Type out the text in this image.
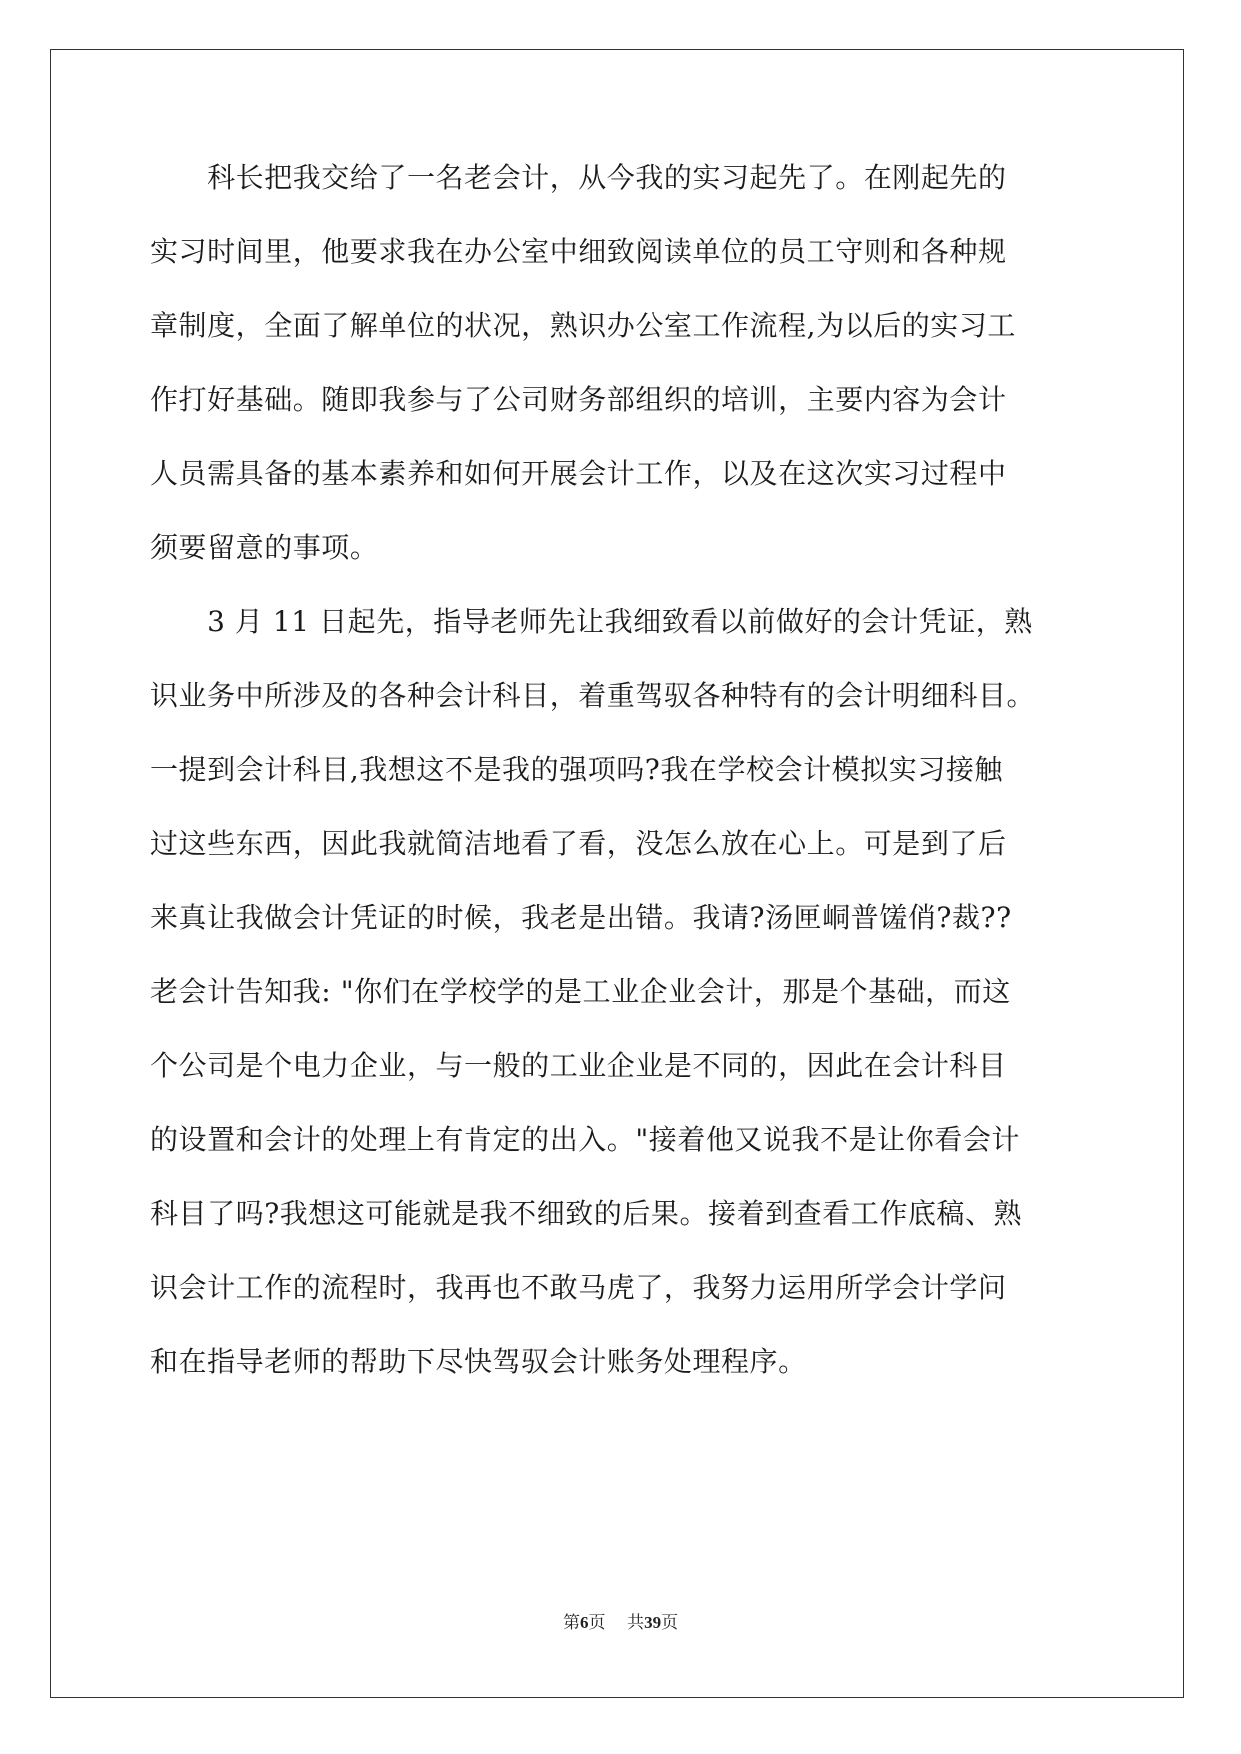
　　科长把我交给了一名老会计，从今我的实习起先了。在刚起先的
实习时间里，他要求我在办公室中细致阅读单位的员工守则和各种规
章制度，全面了解单位的状况，熟识办公室工作流程,为以后的实习工
作打好基础。随即我参与了公司财务部组织的培训，主要内容为会计
人员需具备的基本素养和如何开展会计工作，以及在这次实习过程中
须要留意的事项。
　　3 月 11 日起先，指导老师先让我细致看以前做好的会计凭证，熟
识业务中所涉及的各种会计科目，着重驾驭各种特有的会计明细科目。
一提到会计科目,我想这不是我的强项吗?我在学校会计模拟实习接触
过这些东西，因此我就简洁地看了看，没怎么放在心上。可是到了后
来真让我做会计凭证的时候，我老是出错。我请?汤匣峒普馐俏?裁??
老会计告知我: "你们在学校学的是工业企业会计，那是个基础，而这
个公司是个电力企业，与一般的工业企业是不同的，因此在会计科目
的设置和会计的处理上有肯定的出入。"接着他又说我不是让你看会计
科目了吗?我想这可能就是我不细致的后果。接着到查看工作底稿、熟
识会计工作的流程时，我再也不敢马虎了，我努力运用所学会计学问
和在指导老师的帮助下尽快驾驭会计账务处理程序。
第6页 共39页
